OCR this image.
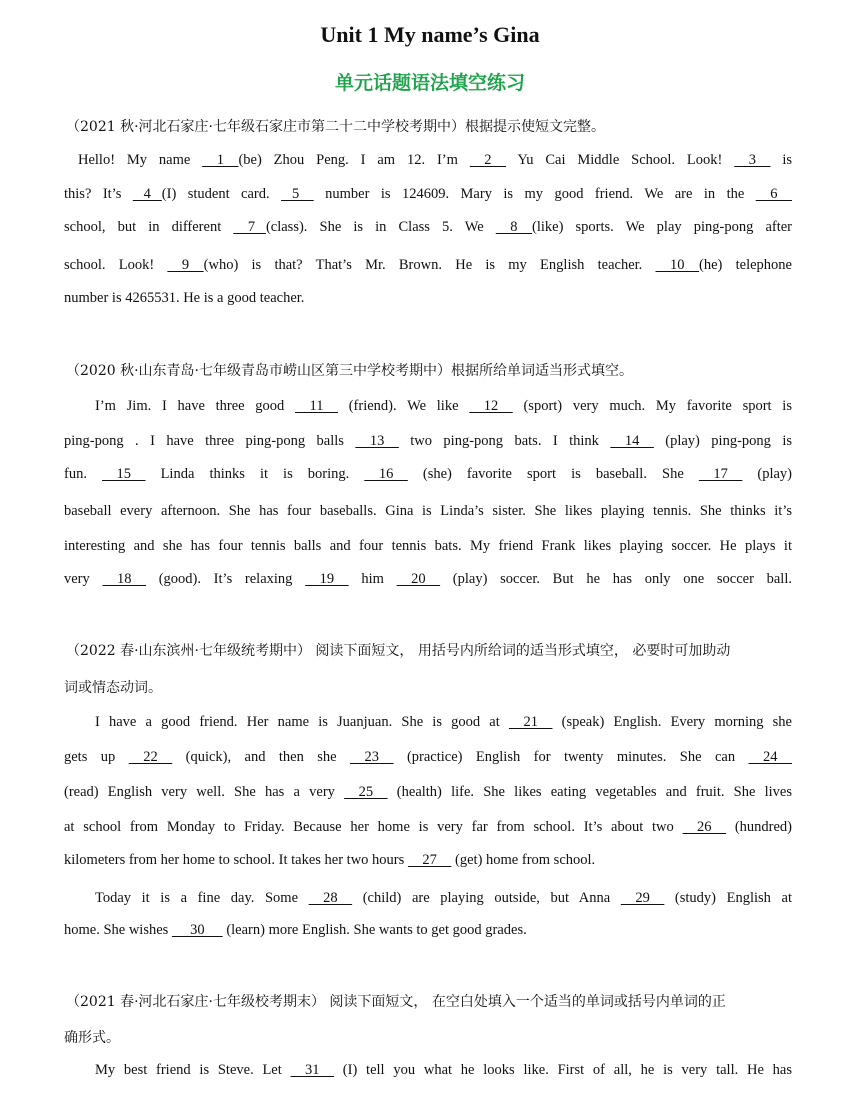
Unit 1 My name’s Gina
单元话题语法填空练习
（2021 秋·河北石家庄·七年级石家庄市第二十二中学校考期中）根据提示使短文完整。
Hello! My name     1    (be) Zhou Peng. I am 12. I’m     2     Yu Cai Middle School. Look!     3     is
this? It’s    4   (I) student card.    5     number is 124609. Mary is my good friend. We are in the     6
school, but in different     7   (class). She is in Class 5. We     8    (like) sports. We play ping-pong after
school. Look!     9    (who) is that? That’s Mr. Brown. He is my English teacher.     10    (he) telephone
number is 4265531. He is a good teacher.
（2020 秋·山东青岛·七年级青岛市崂山区第三中学校考期中）根据所给单词适当形式填空。
I’m Jim. I have three good     11     (friend). We like     12     (sport) very much. My favorite sport is
ping-pong . I have three ping-pong balls     13     two ping-pong bats. I think     14     (play) ping-pong is
fun.     15     Linda thinks it is boring.     16     (she) favorite sport is baseball. She     17     (play)
baseball every afternoon. She has four baseballs. Gina is Linda’s sister. She likes playing tennis. She thinks it’s
interesting and she has four tennis balls and four tennis bats. My friend Frank likes playing soccer. He plays it
very     18     (good). It’s relaxing     19     him     20     (play) soccer. But he has only one soccer ball.
（2022 春·山东滨州·七年级统考期中） 阅读下面短文， 用括号内所给词的适当形式填空， 必要时可加助动
词或情态动词。
I have a good friend. Her name is Juanjuan. She is good at     21     (speak) English. Every morning she
gets up     22     (quick), and then she     23     (practice) English for twenty minutes. She can     24
(read) English very well. She has a very     25     (health) life. She likes eating vegetables and fruit. She lives
at school from Monday to Friday. Because her home is very far from school. It’s about two     26     (hundred)
kilometers from her home to school. It takes her two hours     27     (get) home from school.
Today it is a fine day. Some     28     (child) are playing outside, but Anna     29     (study) English at
home. She wishes      30      (learn) more English. She wants to get good grades.
（2021 春·河北石家庄·七年级校考期末） 阅读下面短文， 在空白处填入一个适当的单词或括号内单词的正
确形式。
My best friend is Steve. Let     31     (I) tell you what he looks like. First of all, he is very tall. He has
